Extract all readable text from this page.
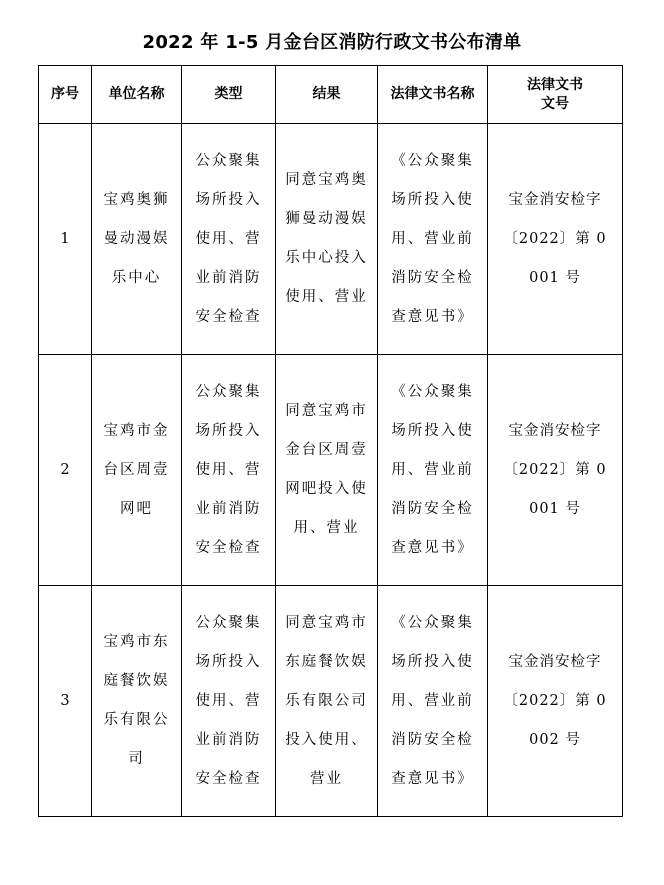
2022 年 1-5 月金台区消防行政文书公布清单
序号	单位名称	类型	结果	法律文书名称	法律文书
文号
1	宝鸡奥狮曼动漫娱乐中心	公众聚集场所投入使用、营业前消防安全检查	同意宝鸡奥狮曼动漫娱乐中心投入使用、营业	《公众聚集场所投入使用、营业前消防安全检查意见书》	宝金消安检字〔2022〕第 0001 号
2	宝鸡市金台区周壹网吧	公众聚集场所投入使用、营业前消防安全检查	同意宝鸡市金台区周壹网吧投入使用、营业	《公众聚集场所投入使用、营业前消防安全检查意见书》	宝金消安检字〔2022〕第 0001 号
3	宝鸡市东庭餐饮娱乐有限公司	公众聚集场所投入使用、营业前消防安全检查	同意宝鸡市东庭餐饮娱乐有限公司投入使用、营业	《公众聚集场所投入使用、营业前消防安全检查意见书》	宝金消安检字〔2022〕第 0002 号
